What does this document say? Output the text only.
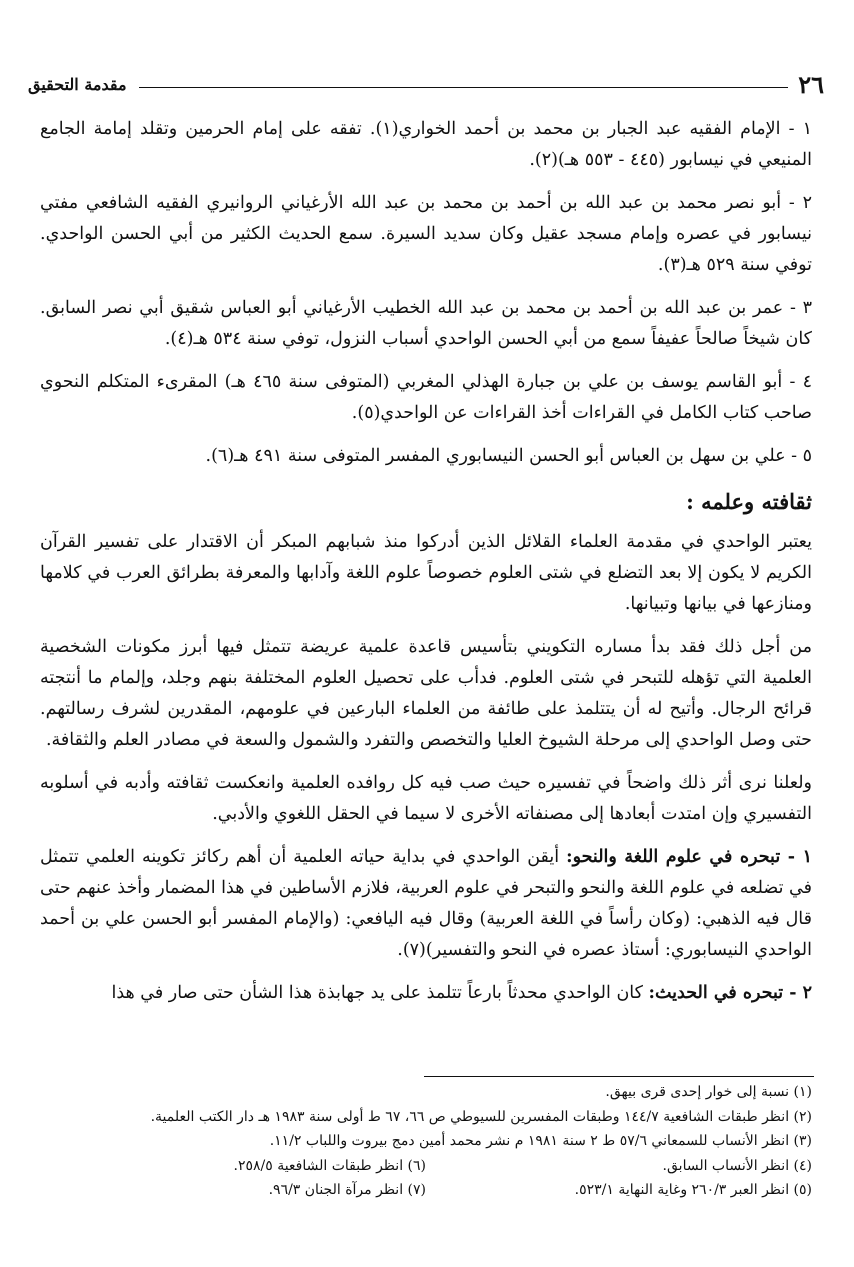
٢٦
مقدمة التحقيق

١ - الإمام الفقيه عبد الجبار بن محمد بن أحمد الخواري(١). تفقه على إمام الحرمين وتقلد إمامة الجامع المنيعي في نيسابور (٤٤٥ - ٥٥٣ هـ)(٢).

٢ - أبو نصر محمد بن عبد الله بن أحمد بن محمد بن عبد الله الأرغياني الروانيري الفقيه الشافعي مفتي نيسابور في عصره وإمام مسجد عقيل وكان سديد السيرة. سمع الحديث الكثير من أبي الحسن الواحدي. توفي سنة ٥٢٩ هـ(٣).

٣ - عمر بن عبد الله بن أحمد بن محمد بن عبد الله الخطيب الأرغياني أبو العباس شقيق أبي نصر السابق. كان شيخاً صالحاً عفيفاً سمع من أبي الحسن الواحدي أسباب النزول، توفي سنة ٥٣٤ هـ(٤).

٤ - أبو القاسم يوسف بن علي بن جبارة الهذلي المغربي (المتوفى سنة ٤٦٥ هـ) المقرىء المتكلم النحوي صاحب كتاب الكامل في القراءات أخذ القراءات عن الواحدي(٥).

٥ - علي بن سهل بن العباس أبو الحسن النيسابوري المفسر المتوفى سنة ٤٩١ هـ(٦).

ثقافته وعلمه :

يعتبر الواحدي في مقدمة العلماء القلائل الذين أدركوا منذ شبابهم المبكر أن الاقتدار على تفسير القرآن الكريم لا يكون إلا بعد التضلع في شتى العلوم خصوصاً علوم اللغة وآدابها والمعرفة بطرائق العرب في كلامها ومنازعها في بيانها وتبيانها.

من أجل ذلك فقد بدأ مساره التكويني بتأسيس قاعدة علمية عريضة تتمثل فيها أبرز مكونات الشخصية العلمية التي تؤهله للتبحر في شتى العلوم. فدأب على تحصيل العلوم المختلفة بنهم وجلد، وإلمام ما أنتجته قرائح الرجال. وأتيح له أن يتتلمذ على طائفة من العلماء البارعين في علومهم، المقدرين لشرف رسالتهم. حتى وصل الواحدي إلى مرحلة الشيوخ العليا والتخصص والتفرد والشمول والسعة في مصادر العلم والثقافة.

ولعلنا نرى أثر ذلك واضحاً في تفسيره حيث صب فيه كل روافده العلمية وانعكست ثقافته وأدبه في أسلوبه التفسيري وإن امتدت أبعادها إلى مصنفاته الأخرى لا سيما في الحقل اللغوي والأدبي.

١ - تبحره في علوم اللغة والنحو: أيقن الواحدي في بداية حياته العلمية أن أهم ركائز تكوينه العلمي تتمثل في تضلعه في علوم اللغة والنحو والتبحر في علوم العربية، فلازم الأساطين في هذا المضمار وأخذ عنهم حتى قال فيه الذهبي: (وكان رأساً في اللغة العربية) وقال فيه اليافعي: (والإمام المفسر أبو الحسن علي بن أحمد الواحدي النيسابوري: أستاذ عصره في النحو والتفسير)(٧).

٢ - تبحره في الحديث: كان الواحدي محدثاً بارعاً تتلمذ على يد جهابذة هذا الشأن حتى صار في هذا

(١) نسبة إلى خوار إحدى قرى بيهق.
(٢) انظر طبقات الشافعية ١٤٤/٧ وطبقات المفسرين للسيوطي ص ٦٦، ٦٧ ط أولى سنة ١٩٨٣ هـ دار الكتب العلمية.
(٣) انظر الأنساب للسمعاني ٥٧/٦ ط ٢ سنة ١٩٨١ م نشر محمد أمين دمج بيروت واللباب ١١/٢.
(٤) انظر الأنساب السابق.
(٦) انظر طبقات الشافعية ٢٥٨/٥.
(٥) انظر العبر ٢٦٠/٣ وغاية النهاية ٥٢٣/١.
(٧) انظر مرآة الجنان ٩٦/٣.
